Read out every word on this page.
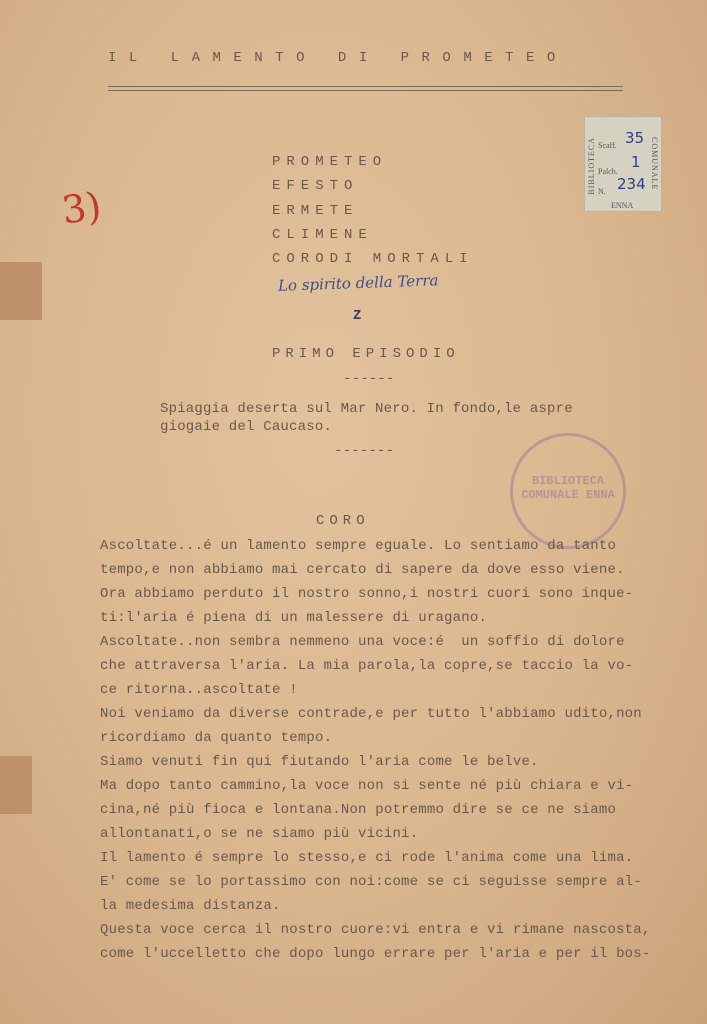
IL LAMENTO DI PROMETEO
PROMETEO
EFESTO
ERMETE
CLIMENE
CORODI MORTALI
Lo spirito della Terra
3)
Z
BIBLIOTECA	COMUNALE
Scaff. 35
Palch.
1
N. 234
ENNA
BIBLIOTECA COMUNALE ENNA
PRIMO EPISODIO
------
Spiaggia deserta sul Mar Nero. In fondo,le aspre
giogaie del Caucaso.
-------
CORO
Ascoltate...é un lamento sempre eguale. Lo sentiamo da tanto
tempo,e non abbiamo mai cercato di sapere da dove esso viene.
Ora abbiamo perduto il nostro sonno,i nostri cuori sono inque-
ti:l'aria é piena di un malessere di uragano.
Ascoltate..non sembra nemmeno una voce:é  un soffio di dolore
che attraversa l'aria. La mia parola,la copre,se taccio la vo-
ce ritorna..ascoltate !
Noi veniamo da diverse contrade,e per tutto l'abbiamo udito,non
ricordiamo da quanto tempo.
Siamo venuti fin qui fiutando l'aria come le belve.
Ma dopo tanto cammino,la voce non si sente né più chiara e vi-
cina,né più fioca e lontana.Non potremmo dire se ce ne siamo
allontanati,o se ne siamo più vicini.
Il lamento é sempre lo stesso,e ci rode l'anima come una lima.
E' come se lo portassimo con noi:come se ci seguisse sempre al-
la medesima distanza.
Questa voce cerca il nostro cuore:vi entra e vi rimane nascosta,
come l'uccelletto che dopo lungo errare per l'aria e per il bos-
